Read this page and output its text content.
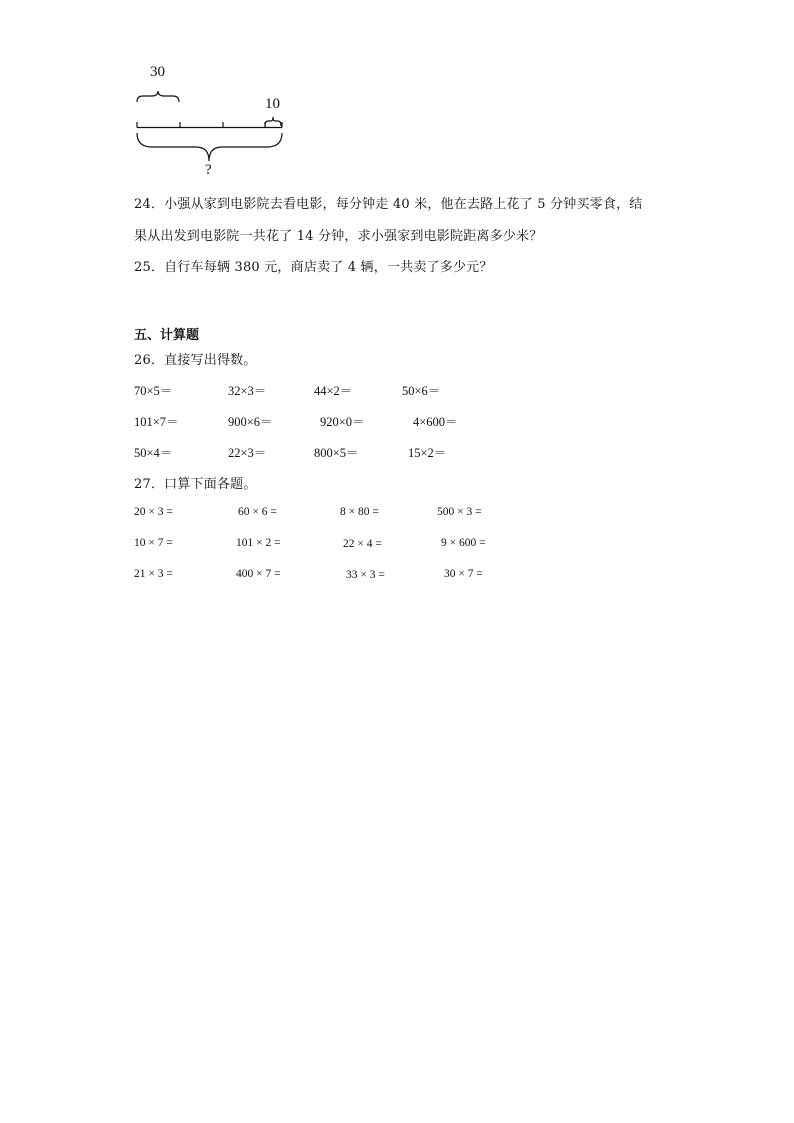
30
10
?
24．小强从家到电影院去看电影，每分钟走 40 米，他在去路上花了 5 分钟买零食，结
果从出发到电影院一共花了 14 分钟，求小强家到电影院距离多少米？
25．自行车每辆 380 元，商店卖了 4 辆，一共卖了多少元？
五、计算题
26．直接写出得数。
70×5＝	32×3＝	44×2＝	50×6＝
101×7＝	900×6＝	920×0＝	4×600＝
50×4＝	22×3＝	800×5＝	15×2＝
27．口算下面各题。
20 × 3 =	60 × 6 =	8 × 80 =	500 × 3 =
10 × 7 =	101 × 2 =	22 × 4 =	9 × 600 =
21 × 3 =	400 × 7 =	33 × 3 =	30 × 7 =
